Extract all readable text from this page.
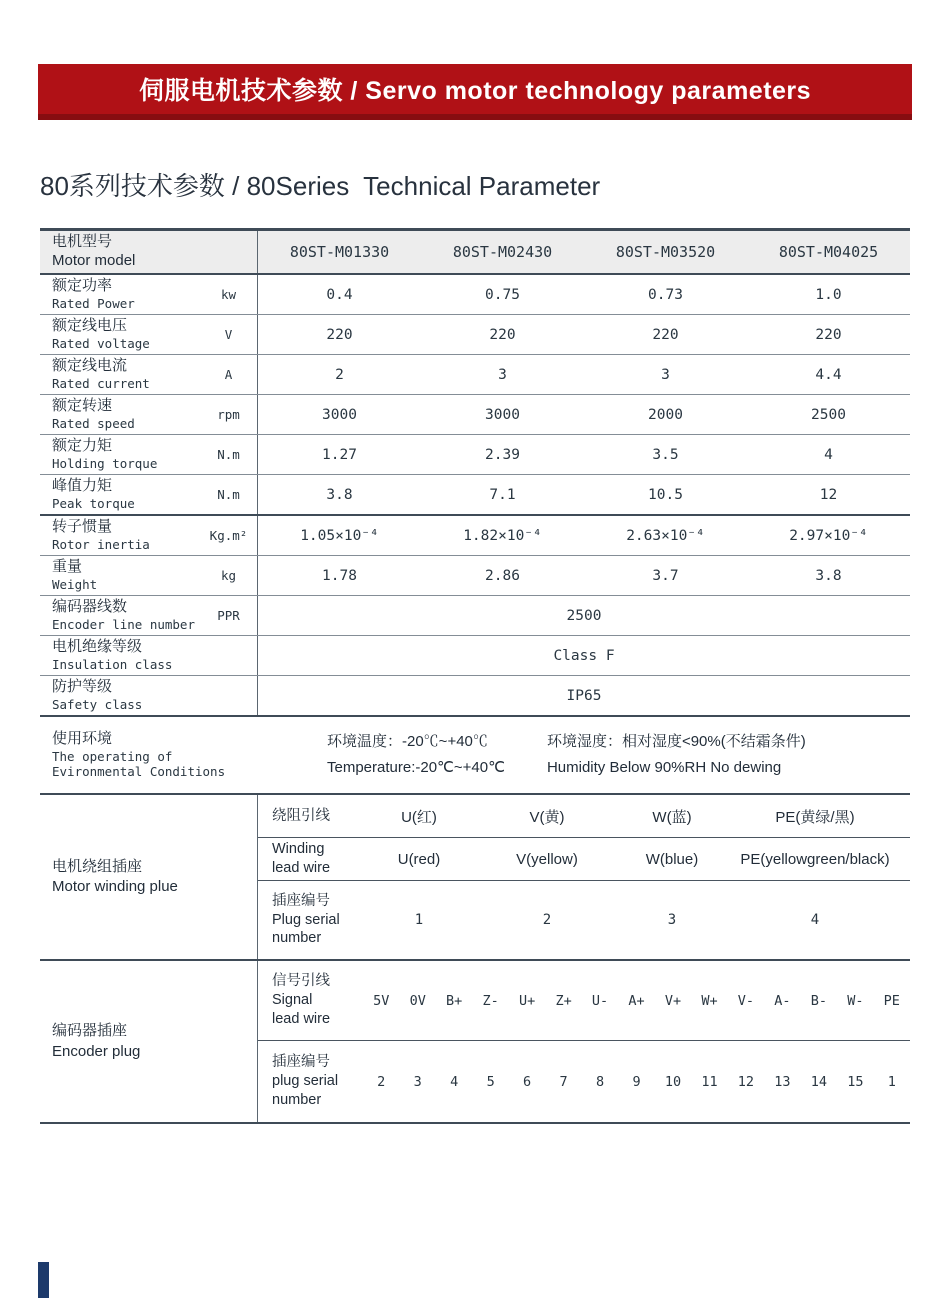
伺服电机技术参数 / Servo motor technology parameters
80系列技术参数 / 80Series  Technical Parameter
电机型号
Motor model	80ST-M01330	80ST-M02430	80ST-M03520	80ST-M04025
额定功率
Rated Power
kw	0.4	0.75	0.73	1.0
额定线电压
Rated voltage
V	220	220	220	220
额定线电流
Rated current
A	2	3	3	4.4
额定转速
Rated speed
rpm	3000	3000	2000	2500
额定力矩
Holding torque
N.m	1.27	2.39	3.5	4
峰值力矩
Peak torque
N.m	3.8	7.1	10.5	12
转子惯量
Rotor inertia
Kg.m²	1.05×10⁻⁴	1.82×10⁻⁴	2.63×10⁻⁴	2.97×10⁻⁴
重量
Weight
kg	1.78	2.86	3.7	3.8
编码器线数
Encoder line number
PPR	2500
电机绝缘等级
Insulation class
Class F
防护等级
Safety class
IP65
使用环境
The operating of
Evironmental Conditions
环境温度：-20℃~+40℃
Temperature:-20℃~+40℃
环境湿度：相对湿度<90%(不结霜条件)
Humidity Below 90%RH No dewing
电机绕组插座
Motor winding plue
绕阻引线	U(红)	V(黄)	W(蓝)	PE(黄绿/黑)
Winding
lead wire
U(red)	V(yellow)	W(blue)	PE(yellowgreen/black)
插座编号
Plug serial
number
1	2	3	4
编码器插座
Encoder plug
信号引线
Signal
lead wire
5V	0V	B+	Z-	U+	Z+	U-	A+	V+	W+	V-	A-	B-	W-	PE
插座编号
plug serial
number
2	3	4	5	6	7	8	9	10	11	12	13	14	15	1
